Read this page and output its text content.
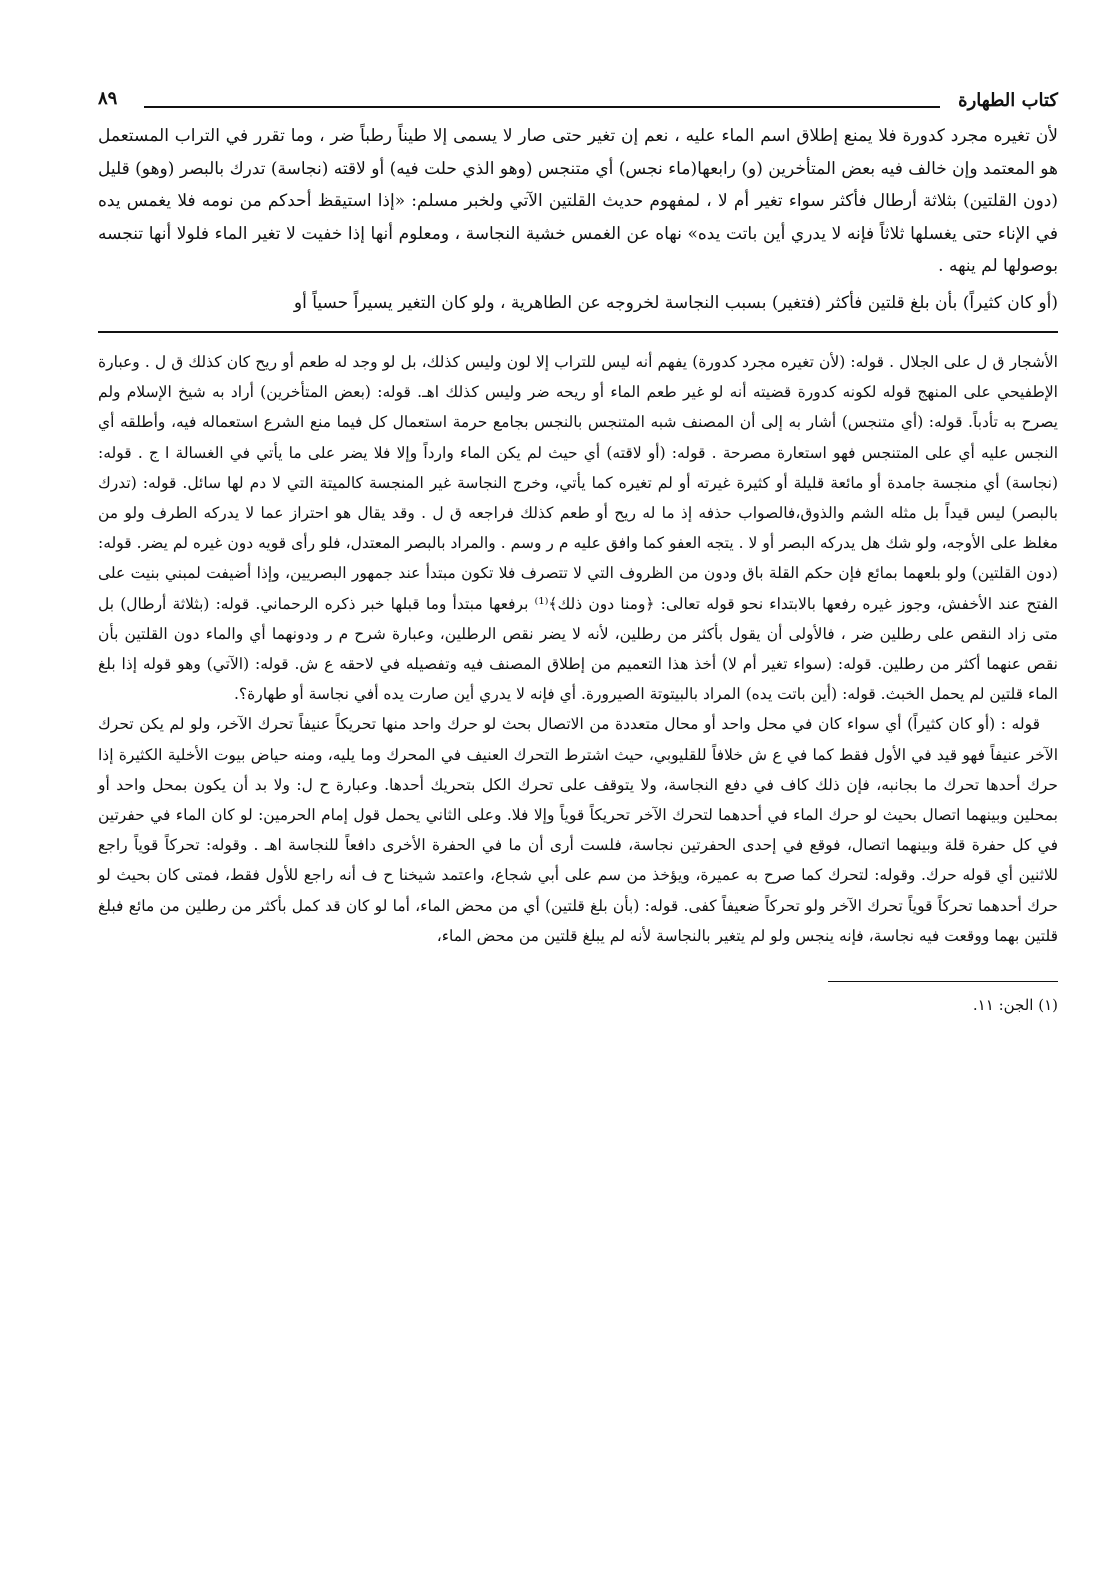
كتاب الطهارة
٨٩

لأن تغيره مجرد كدورة فلا يمنع إطلاق اسم الماء عليه ، نعم إن تغير حتى صار لا يسمى إلا طيناً رطباً ضر ، وما تقرر في التراب المستعمل هو المعتمد وإن خالف فيه بعض المتأخرين (و) رابعها(ماء نجس) أي متنجس (وهو الذي حلت فيه) أو لاقته (نجاسة) تدرك بالبصر (وهو) قليل (دون القلتين) بثلاثة أرطال فأكثر سواء تغير أم لا ، لمفهوم حديث القلتين الآتي ولخبر مسلم: «إذا استيقظ أحدكم من نومه فلا يغمس يده في الإناء حتى يغسلها ثلاثاً فإنه لا يدري أين باتت يده» نهاه عن الغمس خشية النجاسة ، ومعلوم أنها إذا خفيت لا تغير الماء فلولا أنها تنجسه بوصولها لم ينهه .

(أو كان كثيراً) بأن بلغ قلتين فأكثر (فتغير) بسبب النجاسة لخروجه عن الطاهرية ، ولو كان التغير يسيراً حسياً أو

الأشجار ق ل على الجلال . قوله: (لأن تغيره مجرد كدورة) يفهم أنه ليس للتراب إلا لون وليس كذلك، بل لو وجد له طعم أو ريح كان كذلك ق ل . وعبارة الإطفيحي على المنهج قوله لكونه كدورة قضيته أنه لو غير طعم الماء أو ريحه ضر وليس كذلك اهـ. قوله: (بعض المتأخرين) أراد به شيخ الإسلام ولم يصرح به تأدباً. قوله: (أي متنجس) أشار به إلى أن المصنف شبه المتنجس بالنجس بجامع حرمة استعمال كل فيما منع الشرع استعماله فيه، وأطلقه أي النجس عليه أي على المتنجس فهو استعارة مصرحة . قوله: (أو لاقته) أي حيث لم يكن الماء وارداً وإلا فلا يضر على ما يأتي في الغسالة ا ج . قوله: (نجاسة) أي منجسة جامدة أو مائعة قليلة أو كثيرة غيرته أو لم تغيره كما يأتي، وخرج النجاسة غير المنجسة كالميتة التي لا دم لها سائل. قوله: (تدرك بالبصر) ليس قيداً بل مثله الشم والذوق،فالصواب حذفه إذ ما له ريح أو طعم كذلك فراجعه ق ل . وقد يقال هو احتراز عما لا يدركه الطرف ولو من مغلظ على الأوجه، ولو شك هل يدركه البصر أو لا . يتجه العفو كما وافق عليه م ر وسم . والمراد بالبصر المعتدل، فلو رأى قويه دون غيره لم يضر. قوله: (دون القلتين) ولو بلعهما بمائع فإن حكم القلة باق ودون من الظروف التي لا تتصرف فلا تكون مبتدأ عند جمهور البصريين، وإذا أضيفت لمبني بنيت على الفتح عند الأخفش، وجوز غيره رفعها بالابتداء نحو قوله تعالى: ﴿ومنا دون ذلك﴾⁽¹⁾ برفعها مبتدأ وما قبلها خبر ذكره الرحماني. قوله: (بثلاثة أرطال) بل متى زاد النقص على رطلين ضر ، فالأولى أن يقول بأكثر من رطلين، لأنه لا يضر نقص الرطلين، وعبارة شرح م ر ودونهما أي والماء دون القلتين بأن نقص عنهما أكثر من رطلين. قوله: (سواء تغير أم لا) أخذ هذا التعميم من إطلاق المصنف فيه وتفصيله في لاحقه ع ش. قوله: (الآتي) وهو قوله إذا بلغ الماء قلتين لم يحمل الخبث. قوله: (أين باتت يده) المراد بالبيتوتة الصيرورة. أي فإنه لا يدري أين صارت يده أفي نجاسة أو طهارة؟.

قوله : (أو كان كثيراً) أي سواء كان في محل واحد أو محال متعددة من الاتصال بحث لو حرك واحد منها تحريكاً عنيفاً تحرك الآخر، ولو لم يكن تحرك الآخر عنيفاً فهو قيد في الأول فقط كما في ع ش خلافاً للقليوبي، حيث اشترط التحرك العنيف في المحرك وما يليه، ومنه حياض بيوت الأخلية الكثيرة إذا حرك أحدها تحرك ما بجانبه، فإن ذلك كاف في دفع النجاسة، ولا يتوقف على تحرك الكل بتحريك أحدها. وعبارة ح ل: ولا بد أن يكون بمحل واحد أو بمحلين وبينهما اتصال بحيث لو حرك الماء في أحدهما لتحرك الآخر تحريكاً قوياً وإلا فلا. وعلى الثاني يحمل قول إمام الحرمين: لو كان الماء في حفرتين في كل حفرة قلة وبينهما اتصال، فوقع في إحدى الحفرتين نجاسة، فلست أرى أن ما في الحفرة الأخرى دافعاً للنجاسة اهـ . وقوله: تحركاً قوياً راجع للاثنين أي قوله حرك. وقوله: لتحرك كما صرح به عميرة، ويؤخذ من سم على أبي شجاع، واعتمد شيخنا ح ف أنه راجع للأول فقط، فمتى كان بحيث لو حرك أحدهما تحركاً قوياً تحرك الآخر ولو تحركاً ضعيفاً كفى. قوله: (بأن بلغ قلتين) أي من محض الماء، أما لو كان قد كمل بأكثر من رطلين من مائع فبلغ قلتين بهما ووقعت فيه نجاسة، فإنه ينجس ولو لم يتغير بالنجاسة لأنه لم يبلغ قلتين من محض الماء،

(١) الجن: ١١.
